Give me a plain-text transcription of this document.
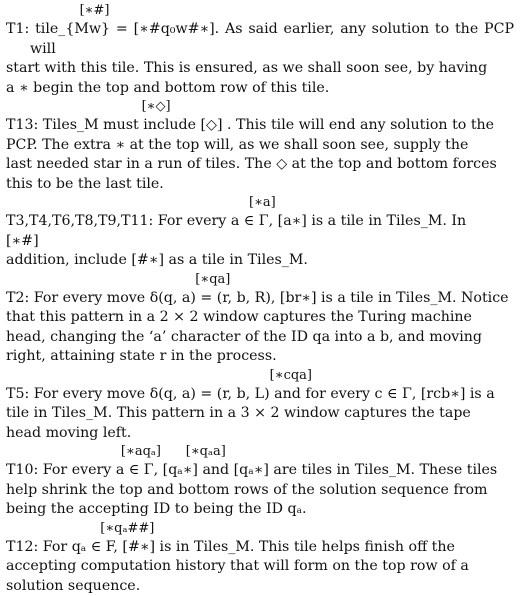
[∗#]
T1: tile_{Mw} = [∗#q₀w#∗]. As said earlier, any solution to the PCP will
start with this tile. This is ensured, as we shall soon see, by having
a ∗ begin the top and bottom row of this tile.
[∗◇]
T13: Tiles_M must include [◇] . This tile will end any solution to the
PCP. The extra ∗ at the top will, as we shall soon see, supply the
last needed star in a run of tiles. The ◇ at the top and bottom forces
this to be the last tile.
[∗a]
T3,T4,T6,T8,T9,T11: For every a ∈ Γ, [a∗] is a tile in Tiles_M. In
[∗#]
addition, include [#∗] as a tile in Tiles_M.
[∗qa]
T2: For every move δ(q, a) = (r, b, R), [br∗] is a tile in Tiles_M. Notice
that this pattern in a 2 × 2 window captures the Turing machine
head, changing the ‘a’ character of the ID qa into a b, and moving
right, attaining state r in the process.
[∗cqa]
T5: For every move δ(q, a) = (r, b, L) and for every c ∈ Γ, [rcb∗] is a
tile in Tiles_M. This pattern in a 3 × 2 window captures the tape
head moving left.
[∗aqₐ]      [∗qₐa]
T10: For every a ∈ Γ, [qₐ∗] and [qₐ∗] are tiles in Tiles_M. These tiles
help shrink the top and bottom rows of the solution sequence from
being the accepting ID to being the ID qₐ.
[∗qₐ##]
T12: For qₐ ∈ F, [#∗] is in Tiles_M. This tile helps finish off the
accepting computation history that will form on the top row of a
solution sequence.
